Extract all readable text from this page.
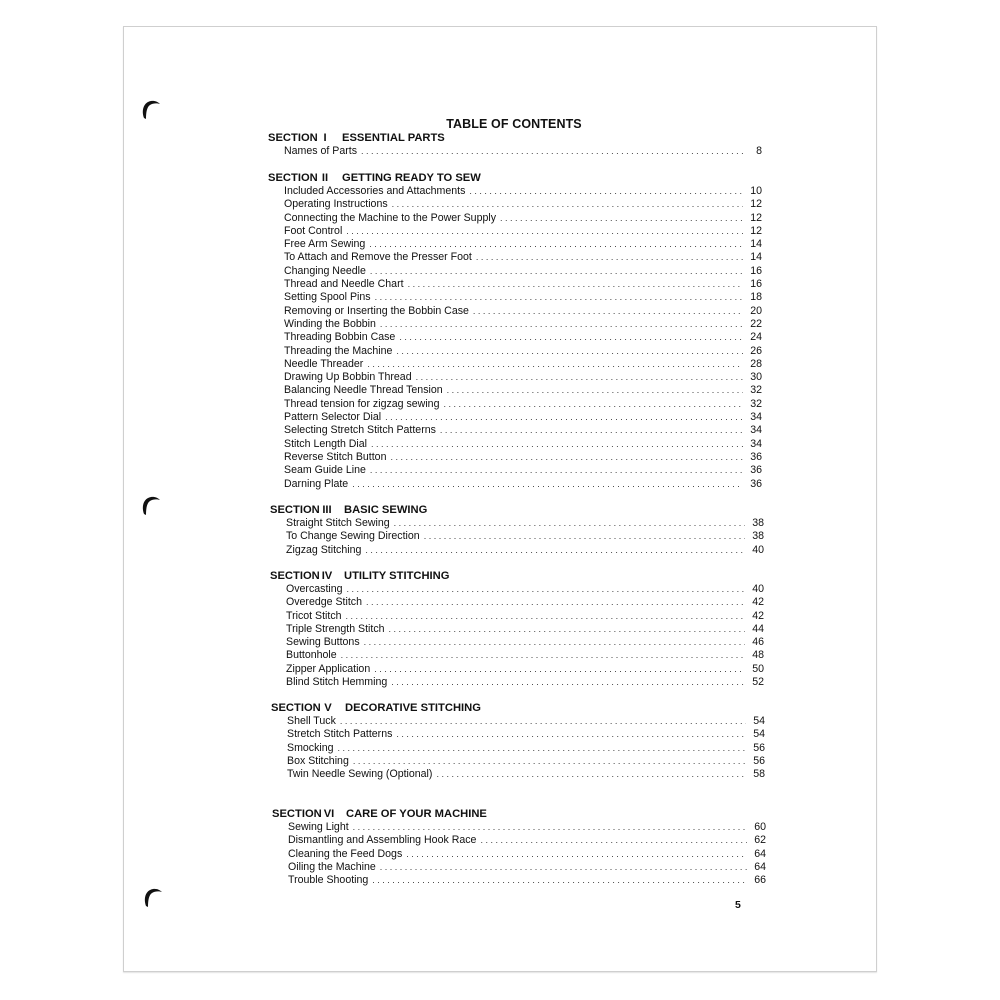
TABLE OF CONTENTS
SECTION I ESSENTIAL PARTS
Names of Parts . . .	8
SECTION II GETTING READY TO SEW
Included Accessories and Attachments . . .	10
Operating Instructions . . .	12
Connecting the Machine to the Power Supply . . .	12
Foot Control . . .	12
Free Arm Sewing . . .	14
To Attach and Remove the Presser Foot . . .	14
Changing Needle . . .	16
Thread and Needle Chart . . .	16
Setting Spool Pins . . .	18
Removing or Inserting the Bobbin Case . . .	20
Winding the Bobbin . . .	22
Threading Bobbin Case . . .	24
Threading the Machine . . .	26
Needle Threader . . .	28
Drawing Up Bobbin Thread . . .	30
Balancing Needle Thread Tension . . .	32
Thread tension for zigzag sewing . . .	32
Pattern Selector Dial . . .	34
Selecting Stretch Stitch Patterns . . .	34
Stitch Length Dial . . .	34
Reverse Stitch Button . . .	36
Seam Guide Line . . .	36
Darning Plate . . .	36
SECTION III BASIC SEWING
Straight Stitch Sewing . . .	38
To Change Sewing Direction . . .	38
Zigzag Stitching . . .	40
SECTION IV UTILITY STITCHING
Overcasting . . .	40
Overedge Stitch . . .	42
Tricot Stitch . . .	42
Triple Strength Stitch . . .	44
Sewing Buttons . . .	46
Buttonhole . . .	48
Zipper Application . . .	50
Blind Stitch Hemming . . .	52
SECTION V DECORATIVE STITCHING
Shell Tuck . . .	54
Stretch Stitch Patterns . . .	54
Smocking . . .	56
Box Stitching . . .	56
Twin Needle Sewing (Optional) . . .	58
SECTION VI CARE OF YOUR MACHINE
Sewing Light . . .	60
Dismantling and Assembling Hook Race . . .	62
Cleaning the Feed Dogs . . .	64
Oiling the Machine . . .	64
Trouble Shooting . . .	66
5
